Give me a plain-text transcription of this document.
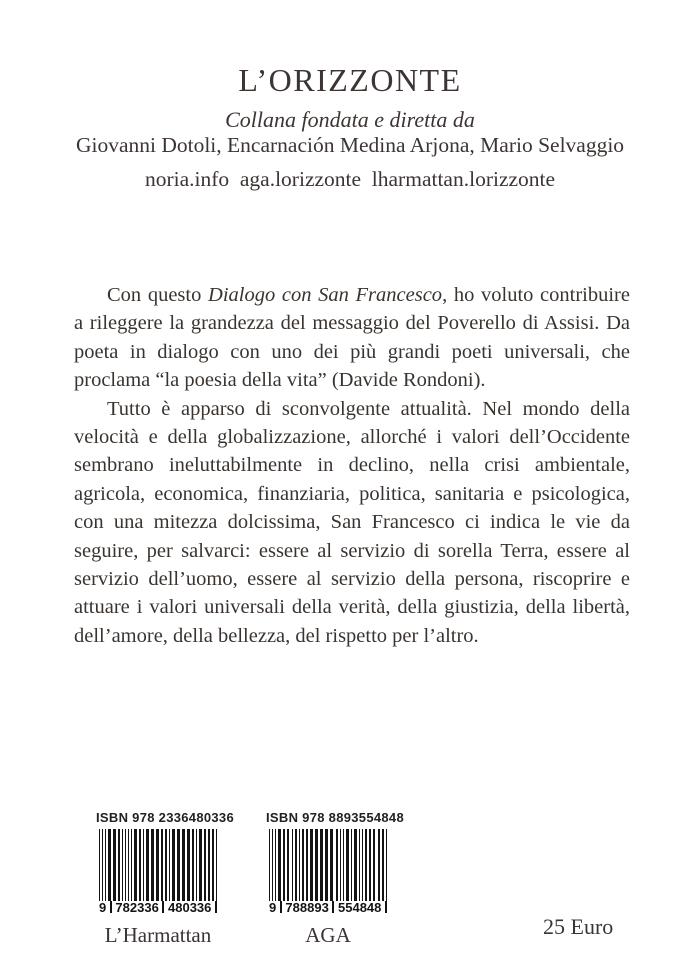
L’ORIZZONTE
Collana fondata e diretta da
Giovanni Dotoli, Encarnación Medina Arjona, Mario Selvaggio
noria.info  aga.lorizzonte  lharmattan.lorizzonte

Con questo Dialogo con San Francesco, ho voluto contribuire a rileggere la grandezza del messaggio del Poverello di Assisi. Da poeta in dialogo con uno dei più grandi poeti universali, che proclama “la poesia della vita” (Davide Rondoni).

Tutto è apparso di sconvolgente attualità. Nel mondo della velocità e della globalizzazione, allorché i valori dell’Occidente sembrano ineluttabilmente in declino, nella crisi ambientale, agricola, economica, finanziaria, politica, sanitaria e psicologica, con una mitezza dolcissima, San Francesco ci indica le vie da seguire, per salvarci: essere al servizio di sorella Terra, essere al servizio dell’uomo, essere al servizio della persona, riscoprire e attuare i valori universali della verità, della giustizia, della libertà, dell’amore, della bellezza, del rispetto per l’altro.

ISBN 978 2336480336
9 782336 480336
L’Harmattan
ISBN 978 8893554848
9 788893 554848
AGA	25 Euro
